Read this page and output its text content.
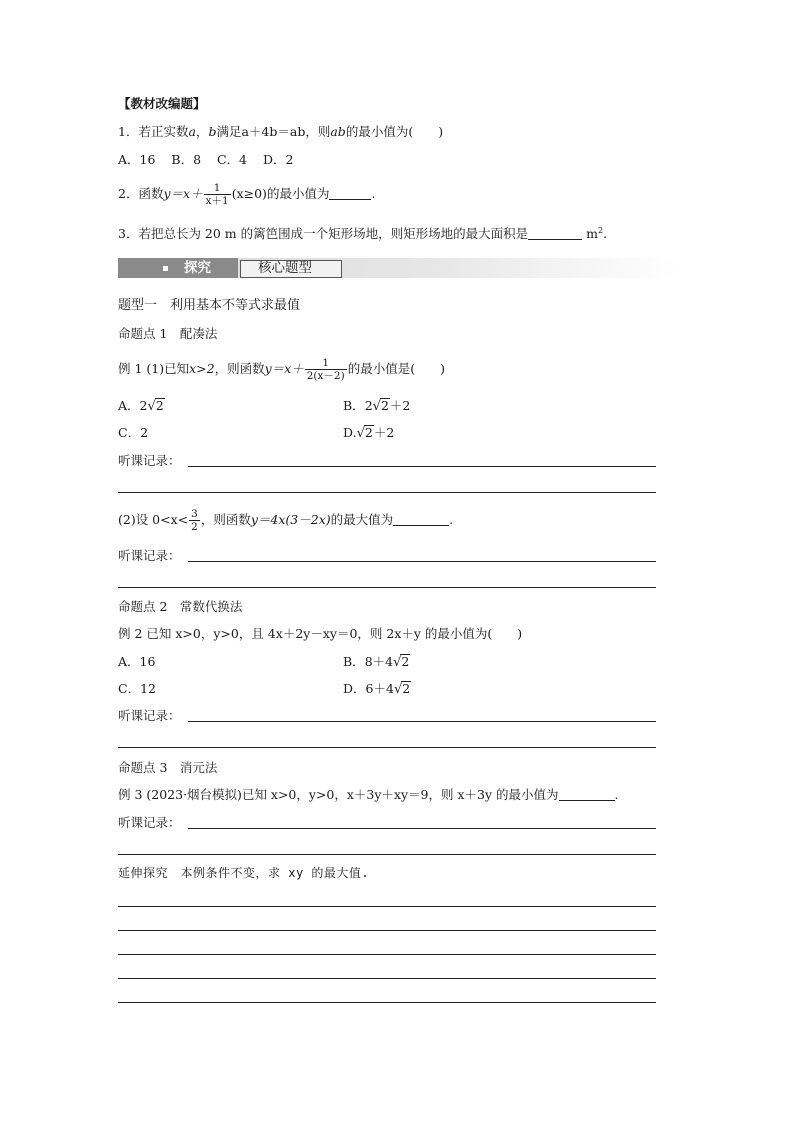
【教材改编题】
1．若正实数a，b满足a＋4b＝ab，则ab的最小值为(　　)
A．16 B．8 C．4 D．2
2．函数$y=x+ \frac{1}{x+1} (x\ge 0)$的最小值为	.
3．若把总长为 20 m 的篱笆围成一个矩形场地，则矩形场地的最大面积是	$m^2$.
探究	核心题型
题型一　利用基本不等式求最值
命题点 1　配凑法
例 1 (1)已知x>2，则函数$y=x+ \frac{1}{2(x-2)}$ 的最小值是(　　)
A．2√2	B．2√2＋2
C．2	D.√2＋2
听课记录：
(2)设 $0<x< \frac{3}{2}$ ，则函数y＝4x(3－2x)的最大值为	.
听课记录：
命题点 2　常数代换法
例 2 已知 x>0，y>0，且 4x＋2y－xy＝0，则 2x＋y 的最小值为(　　)
A．16	B．8＋4√2
C．12	D．6＋4√2
听课记录：
命题点 3　消元法
例 3 (2023·烟台模拟)已知 x>0，y>0，x＋3y＋xy＝9，则 x＋3y 的最小值为	.
听课记录：
延伸探究　本例条件不变，求 xy 的最大值.
